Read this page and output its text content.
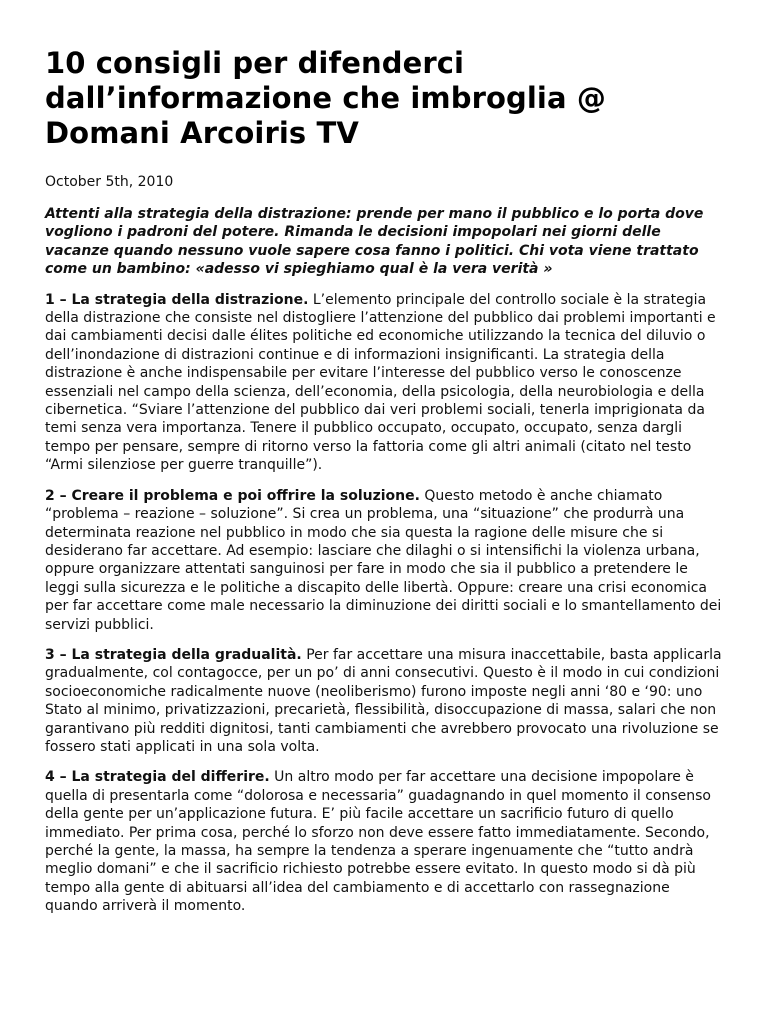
10 consigli per difenderci dall’informazione che imbroglia @ Domani Arcoiris TV
October 5th, 2010

Attenti alla strategia della distrazione: prende per mano il pubblico e lo porta dove vogliono i padroni del potere. Rimanda le decisioni impopolari nei giorni delle vacanze quando nessuno vuole sapere cosa fanno i politici. Chi vota viene trattato come un bambino: «adesso vi spieghiamo qual è la vera verità »

1 – La strategia della distrazione. L’elemento principale del controllo sociale è la strategia della distrazione che consiste nel distogliere l’attenzione del pubblico dai problemi importanti e dai cambiamenti decisi dalle élites politiche ed economiche utilizzando la tecnica del diluvio o dell’inondazione di distrazioni continue e di informazioni insignificanti. La strategia della distrazione è anche indispensabile per evitare l’interesse del pubblico verso le conoscenze essenziali nel campo della scienza, dell’economia, della psicologia, della neurobiologia e della cibernetica. “Sviare l’attenzione del pubblico dai veri problemi sociali, tenerla imprigionata da temi senza vera importanza. Tenere il pubblico occupato, occupato, occupato, senza dargli tempo per pensare, sempre di ritorno verso la fattoria come gli altri animali (citato nel testo “Armi silenziose per guerre tranquille”).

2 – Creare il problema e poi offrire la soluzione. Questo metodo è anche chiamato “problema – reazione – soluzione”. Si crea un problema, una “situazione” che produrrà una determinata reazione nel pubblico in modo che sia questa la ragione delle misure che si desiderano far accettare. Ad esempio: lasciare che dilaghi o si intensifichi la violenza urbana, oppure organizzare attentati sanguinosi per fare in modo che sia il pubblico a pretendere le leggi sulla sicurezza e le politiche a discapito delle libertà. Oppure: creare una crisi economica per far accettare come male necessario la diminuzione dei diritti sociali e lo smantellamento dei servizi pubblici.

3 – La strategia della gradualità. Per far accettare una misura inaccettabile, basta applicarla gradualmente, col contagocce, per un po’ di anni consecutivi. Questo è il modo in cui condizioni socioeconomiche radicalmente nuove (neoliberismo) furono imposte negli anni ‘80 e ‘90: uno Stato al minimo, privatizzazioni, precarietà, flessibilità, disoccupazione di massa, salari che non garantivano più redditi dignitosi, tanti cambiamenti che avrebbero provocato una rivoluzione se fossero stati applicati in una sola volta.

4 – La strategia del differire. Un altro modo per far accettare una decisione impopolare è quella di presentarla come “dolorosa e necessaria” guadagnando in quel momento il consenso della gente per un’applicazione futura. E’ più facile accettare un sacrificio futuro di quello immediato. Per prima cosa, perché lo sforzo non deve essere fatto immediatamente. Secondo, perché la gente, la massa, ha sempre la tendenza a sperare ingenuamente che “tutto andrà meglio domani” e che il sacrificio richiesto potrebbe essere evitato. In questo modo si dà più tempo alla gente di abituarsi all’idea del cambiamento e di accettarlo con rassegnazione quando arriverà il momento.
